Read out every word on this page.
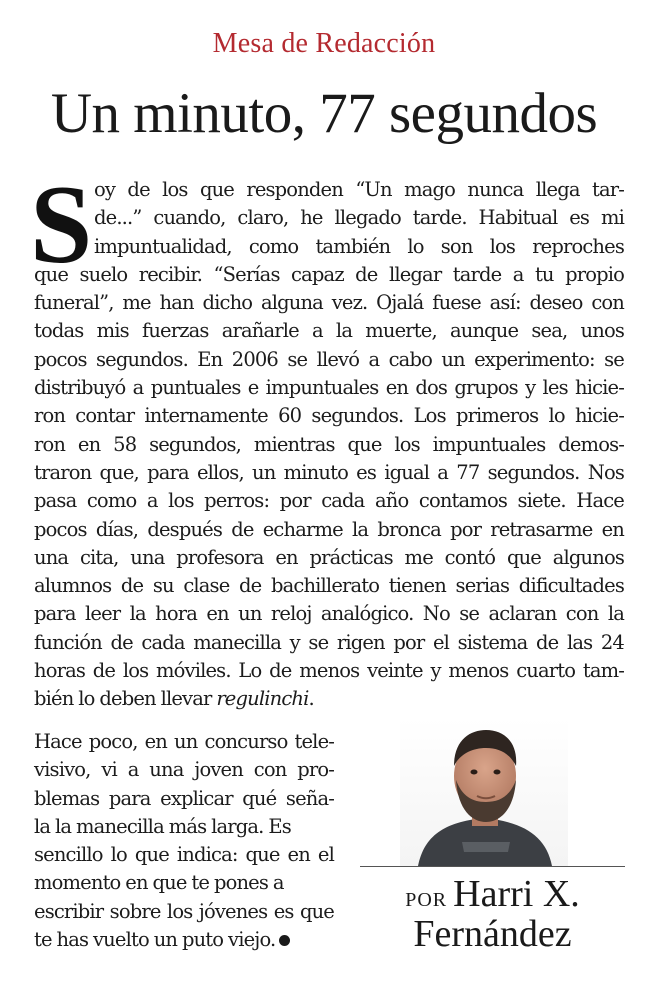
Mesa de Redacción
Un minuto, 77 segundos
S oy de los que responden “Un mago nunca llega tar-
de...” cuando, claro, he llegado tarde. Habitual es mi
impuntualidad, como también lo son los reproches
que suelo recibir. “Serías capaz de llegar tarde a tu propio
funeral”, me han dicho alguna vez. Ojalá fuese así: deseo con
todas mis fuerzas arañarle a la muerte, aunque sea, unos
pocos segundos. En 2006 se llevó a cabo un experimento: se
distribuyó a puntuales e impuntuales en dos grupos y les hicie-
ron contar internamente 60 segundos. Los primeros lo hicie-
ron en 58 segundos, mientras que los impuntuales demos-
traron que, para ellos, un minuto es igual a 77 segundos. Nos
pasa como a los perros: por cada año contamos siete. Hace
pocos días, después de echarme la bronca por retrasarme en
una cita, una profesora en prácticas me contó que algunos
alumnos de su clase de bachillerato tienen serias dificultades
para leer la hora en un reloj analógico. No se aclaran con la
función de cada manecilla y se rigen por el sistema de las 24
horas de los móviles. Lo de menos veinte y menos cuarto tam-
bién lo deben llevar regulinchi.
Hace poco, en un concurso tele-
visivo, vi a una joven con pro-
blemas para explicar qué seña-
la la manecilla más larga. Es
sencillo lo que indica: que en el
momento en que te pones a
escribir sobre los jóvenes es que
te has vuelto un puto viejo.
POR Harri X.
Fernández
